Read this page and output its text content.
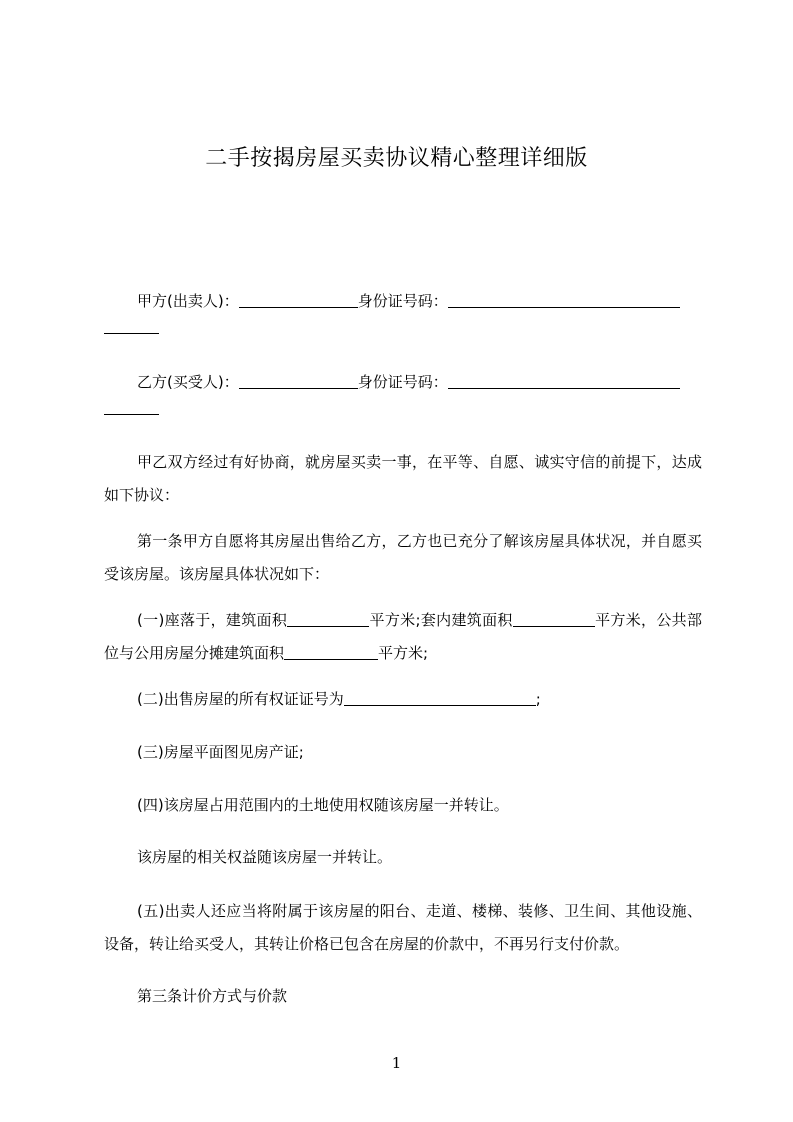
二手按揭房屋买卖协议精心整理详细版
甲方(出卖人)：	身份证号码：
乙方(买受人)：	身份证号码：
甲乙双方经过有好协商，就房屋买卖一事，在平等、自愿、诚实守信的前提下，达成如下协议：
第一条甲方自愿将其房屋出售给乙方，乙方也已充分了解该房屋具体状况，并自愿买受该房屋。该房屋具体状况如下：
(一)座落于，建筑面积	平方米;套内建筑面积	平方米，公共部位与公用房屋分摊建筑面积	平方米;
(二)出售房屋的所有权证证号为	;
(三)房屋平面图见房产证;
(四)该房屋占用范围内的土地使用权随该房屋一并转让。
该房屋的相关权益随该房屋一并转让。
(五)出卖人还应当将附属于该房屋的阳台、走道、楼梯、装修、卫生间、其他设施、设备，转让给买受人，其转让价格已包含在房屋的价款中，不再另行支付价款。
第三条计价方式与价款
1
